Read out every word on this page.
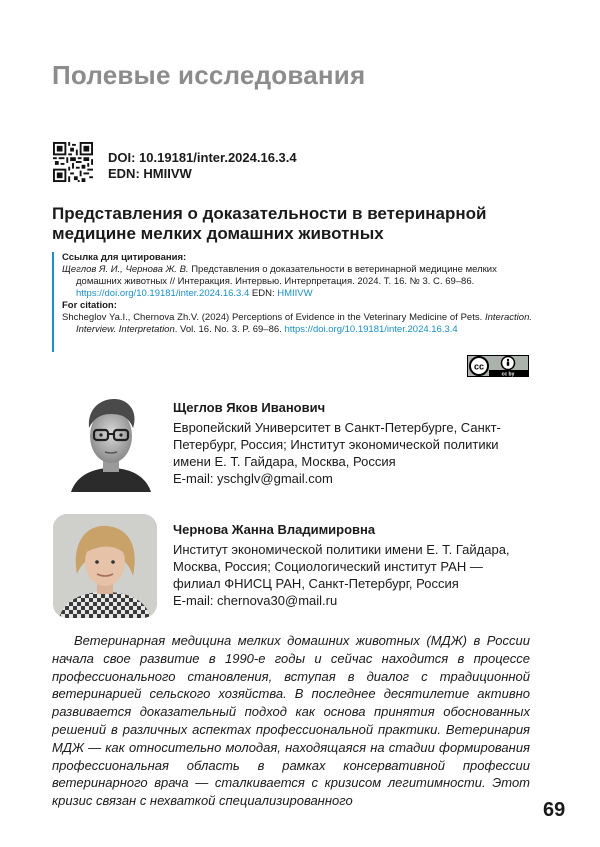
Полевые исследования
DOI: 10.19181/inter.2024.16.3.4
EDN: HMIIVW
Представления о доказательности в ветеринарной
медицине мелких домашних животных
Ссылка для цитирования:
Щеглов Я. И., Чернова Ж. В. Представления о доказательности в ветеринарной медицине мелких домашних животных // Интеракция. Интервью. Интерпретация. 2024. Т. 16. № 3. С. 69–86. https://doi.org/10.19181/inter.2024.16.3.4 EDN: HMIIVW
For citation:
Shcheglov Ya.I., Chernova Zh.V. (2024) Perceptions of Evidence in the Veterinary Medicine of Pets. Interaction. Interview. Interpretation. Vol. 16. No. 3. P. 69–86. https://doi.org/10.19181/inter.2024.16.3.4
cc
cc by
Щеглов Яков Иванович
Европейский Университет в Санкт-Петербурге, Санкт-Петербург, Россия; Институт экономической политики имени Е. Т. Гайдара, Москва, Россия
E-mail: yschglv@gmail.com
Чернова Жанна Владимировна
Институт экономической политики имени Е. Т. Гайдара, Москва, Россия; Социологический институт РАН — филиал ФНИСЦ РАН, Санкт-Петербург, Россия
E-mail: chernova30@mail.ru
Ветеринарная медицина мелких домашних животных (МДЖ) в России начала свое развитие в 1990-е годы и сейчас находится в процессе профессионального становления, вступая в диалог с традиционной ветеринарией сельского хозяйства. В последнее десятилетие активно развивается доказательный подход как основа принятия обоснованных решений в различных аспектах профессиональной практики. Ветеринария МДЖ — как относительно молодая, находящаяся на стадии формирования профессиональная область в рамках консервативной профессии ветеринарного врача — сталкивается с кризисом легитимности. Этот кризис связан с нехваткой специализированного	69
